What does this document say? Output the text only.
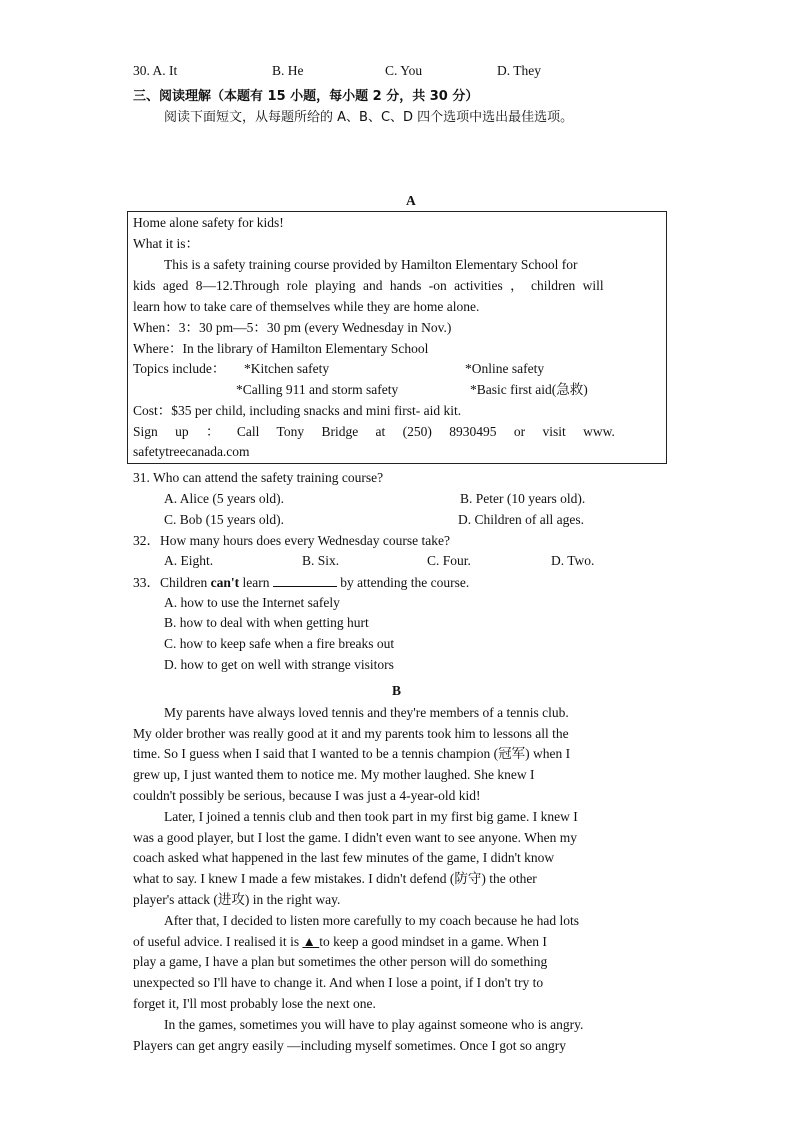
30. A. It	B. He	C. You	D. They
三、阅读理解（本题有 15 小题，每小题 2 分，共 30 分）
阅读下面短文，从每题所给的 A、B、C、D 四个选项中选出最佳选项。
A
Home alone safety for kids!
What it is：
This is a safety training course provided by Hamilton Elementary School for
kids aged 8—12.Through role playing and hands -on activities ， children will
learn how to take care of themselves while they are home alone.
When：3：30 pm—5：30 pm (every Wednesday in Nov.)
Where：In the library of Hamilton Elementary School
Topics include： *Kitchen safety	*Online safety
*Calling 911 and storm safety	*Basic first aid(急救)
Cost：$35 per child, including snacks and mini first- aid kit.
Sign up ： Call Tony Bridge at (250) 8930495 or visit www.
safetytreecanada.com
31. Who can attend the safety training course?
A. Alice (5 years old).	B. Peter (10 years old).
C. Bob (15 years old).	D. Children of all ages.
32．How many hours does every Wednesday course take?
A. Eight.	B. Six.	C. Four.	D. Two.
33．Children can't learn	by attending the course.
A. how to use the Internet safely
B. how to deal with when getting hurt
C. how to keep safe when a fire breaks out
D. how to get on well with strange visitors
B
My parents have always loved tennis and they're members of a tennis club.
My older brother was really good at it and my parents took him to lessons all the
time. So I guess when I said that I wanted to be a tennis champion (冠军) when I
grew up, I just wanted them to notice me. My mother laughed. She knew I
couldn't possibly be serious, because I was just a 4-year-old kid!
Later, I joined a tennis club and then took part in my first big game. I knew I
was a good player, but I lost the game. I didn't even want to see anyone. When my
coach asked what happened in the last few minutes of the game, I didn't know
what to say. I knew I made a few mistakes. I didn't defend (防守) the other
player's attack (进攻) in the right way.
After that, I decided to listen more carefully to my coach because he had lots
of useful advice. I realised it is ▲ to keep a good mindset in a game. When I
play a game, I have a plan but sometimes the other person will do something
unexpected so I'll have to change it. And when I lose a point, if I don't try to
forget it, I'll most probably lose the next one.
In the games, sometimes you will have to play against someone who is angry.
Players can get angry easily —including myself sometimes. Once I got so angry
